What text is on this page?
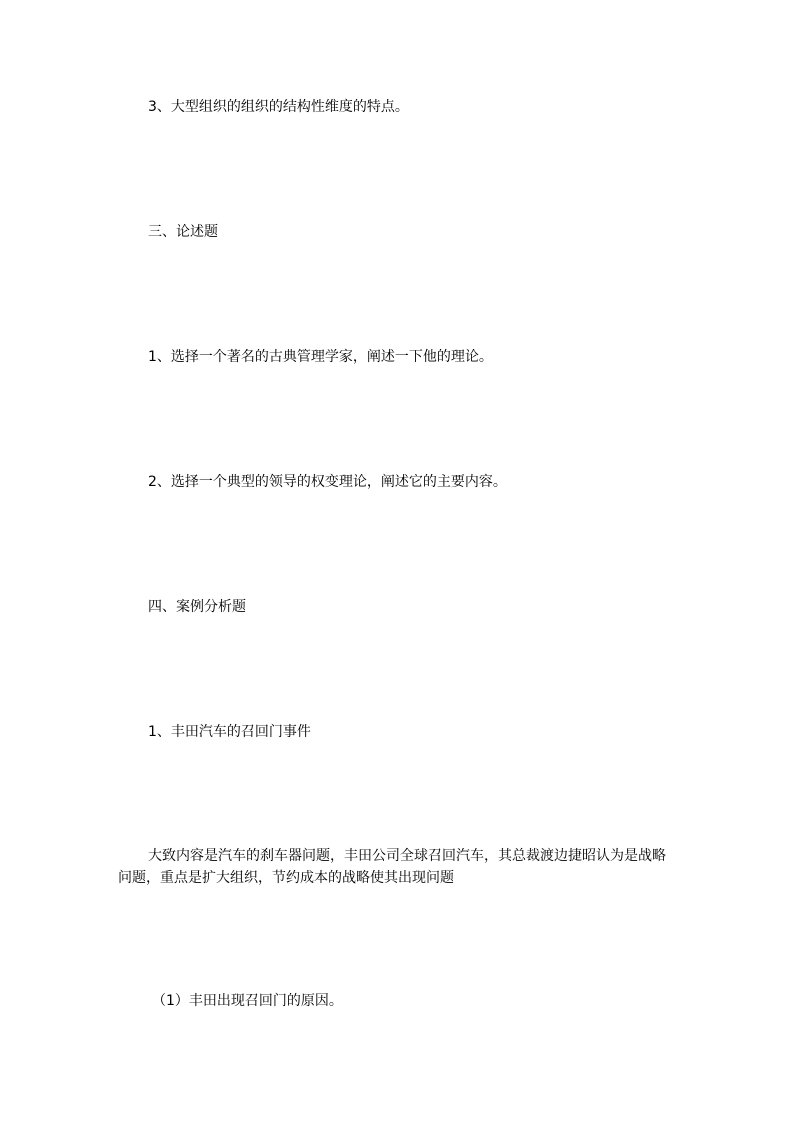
3、大型组织的组织的结构性维度的特点。
三、论述题
1、选择一个著名的古典管理学家，阐述一下他的理论。
2、选择一个典型的领导的权变理论，阐述它的主要内容。
四、案例分析题
1、丰田汽车的召回门事件
大致内容是汽车的刹车器问题，丰田公司全球召回汽车，其总裁渡边捷昭认为是战略问题，重点是扩大组织，节约成本的战略使其出现问题
（1）丰田出现召回门的原因。
